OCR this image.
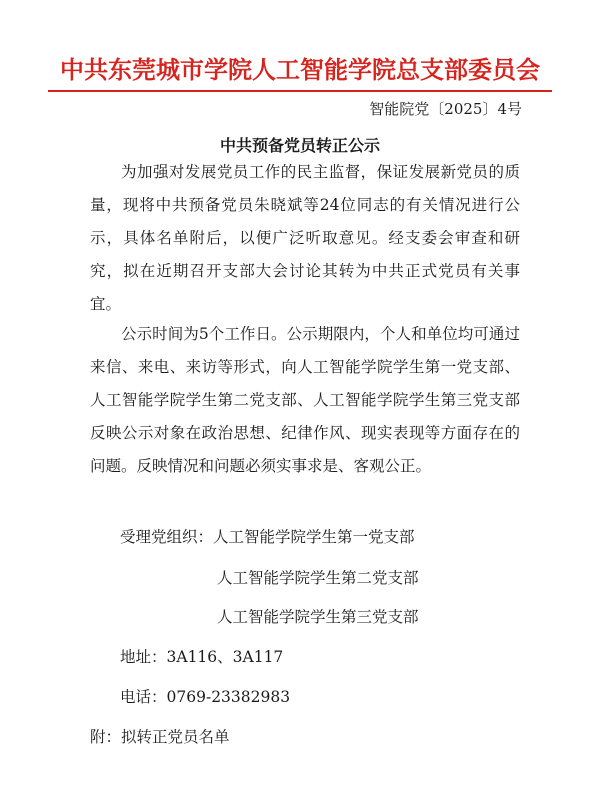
中共东莞城市学院人工智能学院总支部委员会
智能院党〔2025〕4号
中共预备党员转正公示

为加强对发展党员工作的民主监督，保证发展新党员的质量，现将中共预备党员朱晓斌等24位同志的有关情况进行公示，具体名单附后，以便广泛听取意见。经支委会审查和研究，拟在近期召开支部大会讨论其转为中共正式党员有关事宜。

公示时间为5个工作日。公示期限内，个人和单位均可通过来信、来电、来访等形式，向人工智能学院学生第一党支部、人工智能学院学生第二党支部、人工智能学院学生第三党支部反映公示对象在政治思想、纪律作风、现实表现等方面存在的问题。反映情况和问题必须实事求是、客观公正。

受理党组织：人工智能学院学生第一党支部
人工智能学院学生第二党支部
人工智能学院学生第三党支部
地址：3A116、3A117
电话：0769-23382983
附：拟转正党员名单
